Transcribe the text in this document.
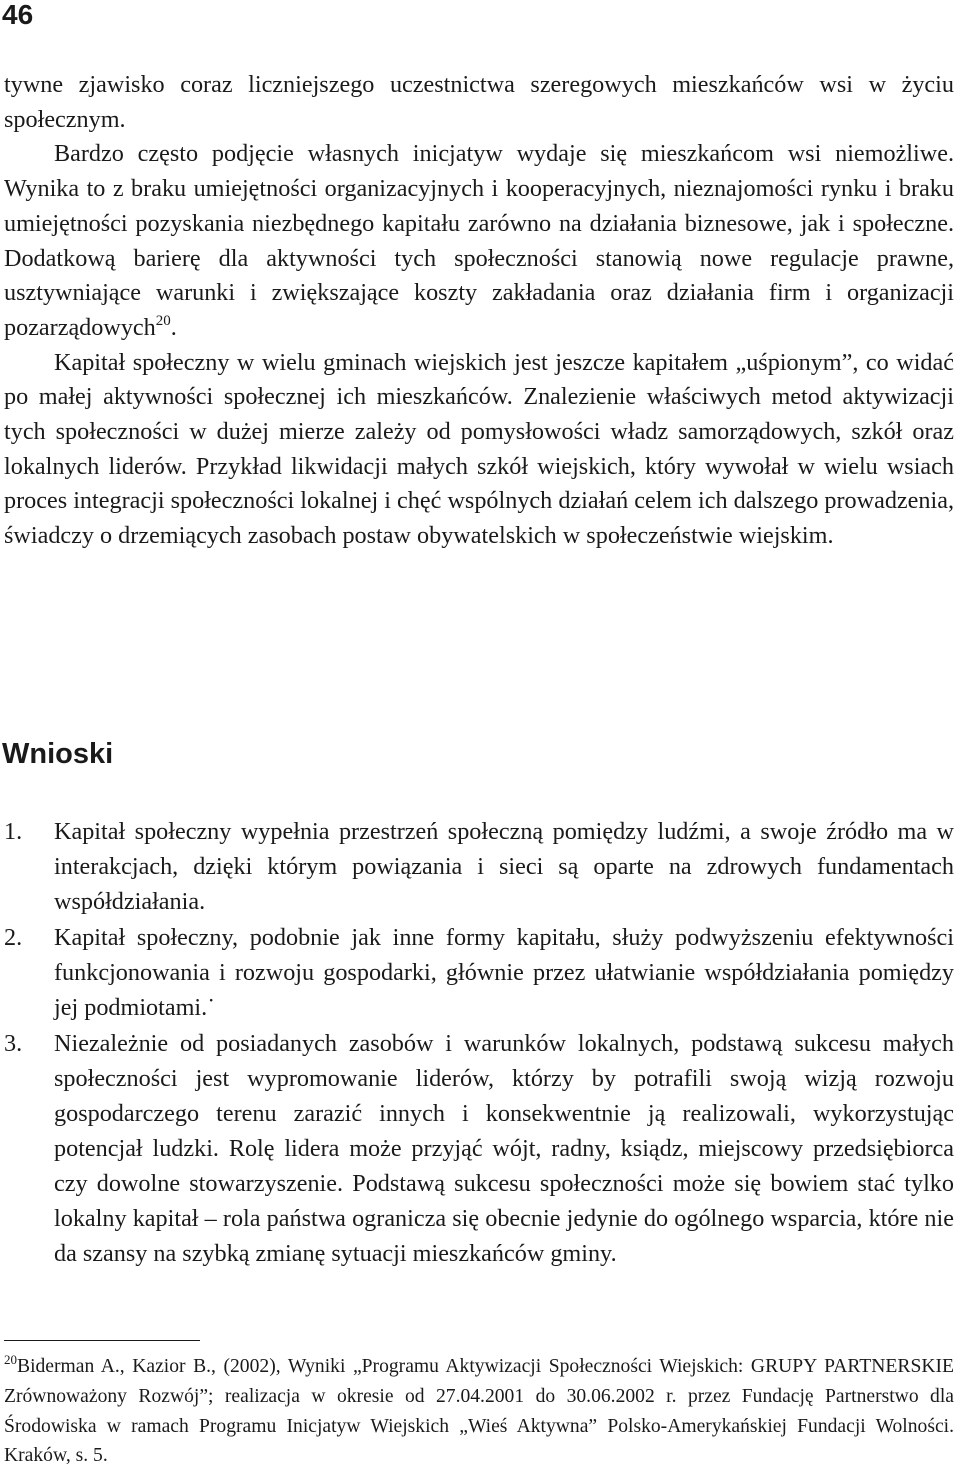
46

tywne zjawisko coraz liczniejszego uczestnictwa szeregowych mieszkańców wsi w życiu społecznym.

Bardzo często podjęcie własnych inicjatyw wydaje się mieszkańcom wsi niemożliwe. Wynika to z braku umiejętności organizacyjnych i kooperacyjnych, nieznajomości rynku i braku umiejętności pozyskania niezbędnego kapitału zarówno na działania biznesowe, jak i społeczne. Dodatkową barierę dla aktywności tych społeczności stanowią nowe regulacje prawne, usztywniające warunki i zwiększające koszty zakładania oraz działania firm i organizacji pozarządowych$^{20}$.

Kapitał społeczny w wielu gminach wiejskich jest jeszcze kapitałem „uśpionym”, co widać po małej aktywności społecznej ich mieszkańców. Znalezienie właściwych metod aktywizacji tych społeczności w dużej mierze zależy od pomysłowości władz samorządowych, szkół oraz lokalnych liderów. Przykład likwidacji małych szkół wiejskich, który wywołał w wielu wsiach proces integracji społeczności lokalnej i chęć wspólnych działań celem ich dalszego prowadzenia, świadczy o drzemiących zasobach postaw obywatelskich w społeczeństwie wiejskim.

Wnioski
1. Kapitał społeczny wypełnia przestrzeń społeczną pomiędzy ludźmi, a swoje źródło ma w interakcjach, dzięki którym powiązania i sieci są oparte na zdrowych fundamentach współdziałania.
2. Kapitał społeczny, podobnie jak inne formy kapitału, służy podwyższeniu efektywności funkcjonowania i rozwoju gospodarki, głównie przez ułatwianie współdziałania pomiędzy jej podmiotami.˙
3. Niezależnie od posiadanych zasobów i warunków lokalnych, podstawą sukcesu małych społeczności jest wypromowanie liderów, którzy by potrafili swoją wizją rozwoju gospodarczego terenu zarazić innych i konsekwentnie ją realizowali, wykorzystując potencjał ludzki. Rolę lidera może przyjąć wójt, radny, ksiądz, miejscowy przedsiębiorca czy dowolne stowarzyszenie. Podstawą sukcesu społeczności może się bowiem stać tylko lokalny kapitał – rola państwa ogranicza się obecnie jedynie do ogólnego wsparcia, które nie da szansy na szybką zmianę sytuacji mieszkańców gminy.

$^{20}$Biderman A., Kazior B., (2002), Wyniki „Programu Aktywizacji Społeczności Wiejskich: GRUPY PARTNERSKIE Zrównoważony Rozwój”; realizacja w okresie od 27.04.2001 do 30.06.2002 r. przez Fundację Partnerstwo dla Środowiska w ramach Programu Inicjatyw Wiejskich „Wieś Aktywna” Polsko-Amerykańskiej Fundacji Wolności. Kraków, s. 5.
